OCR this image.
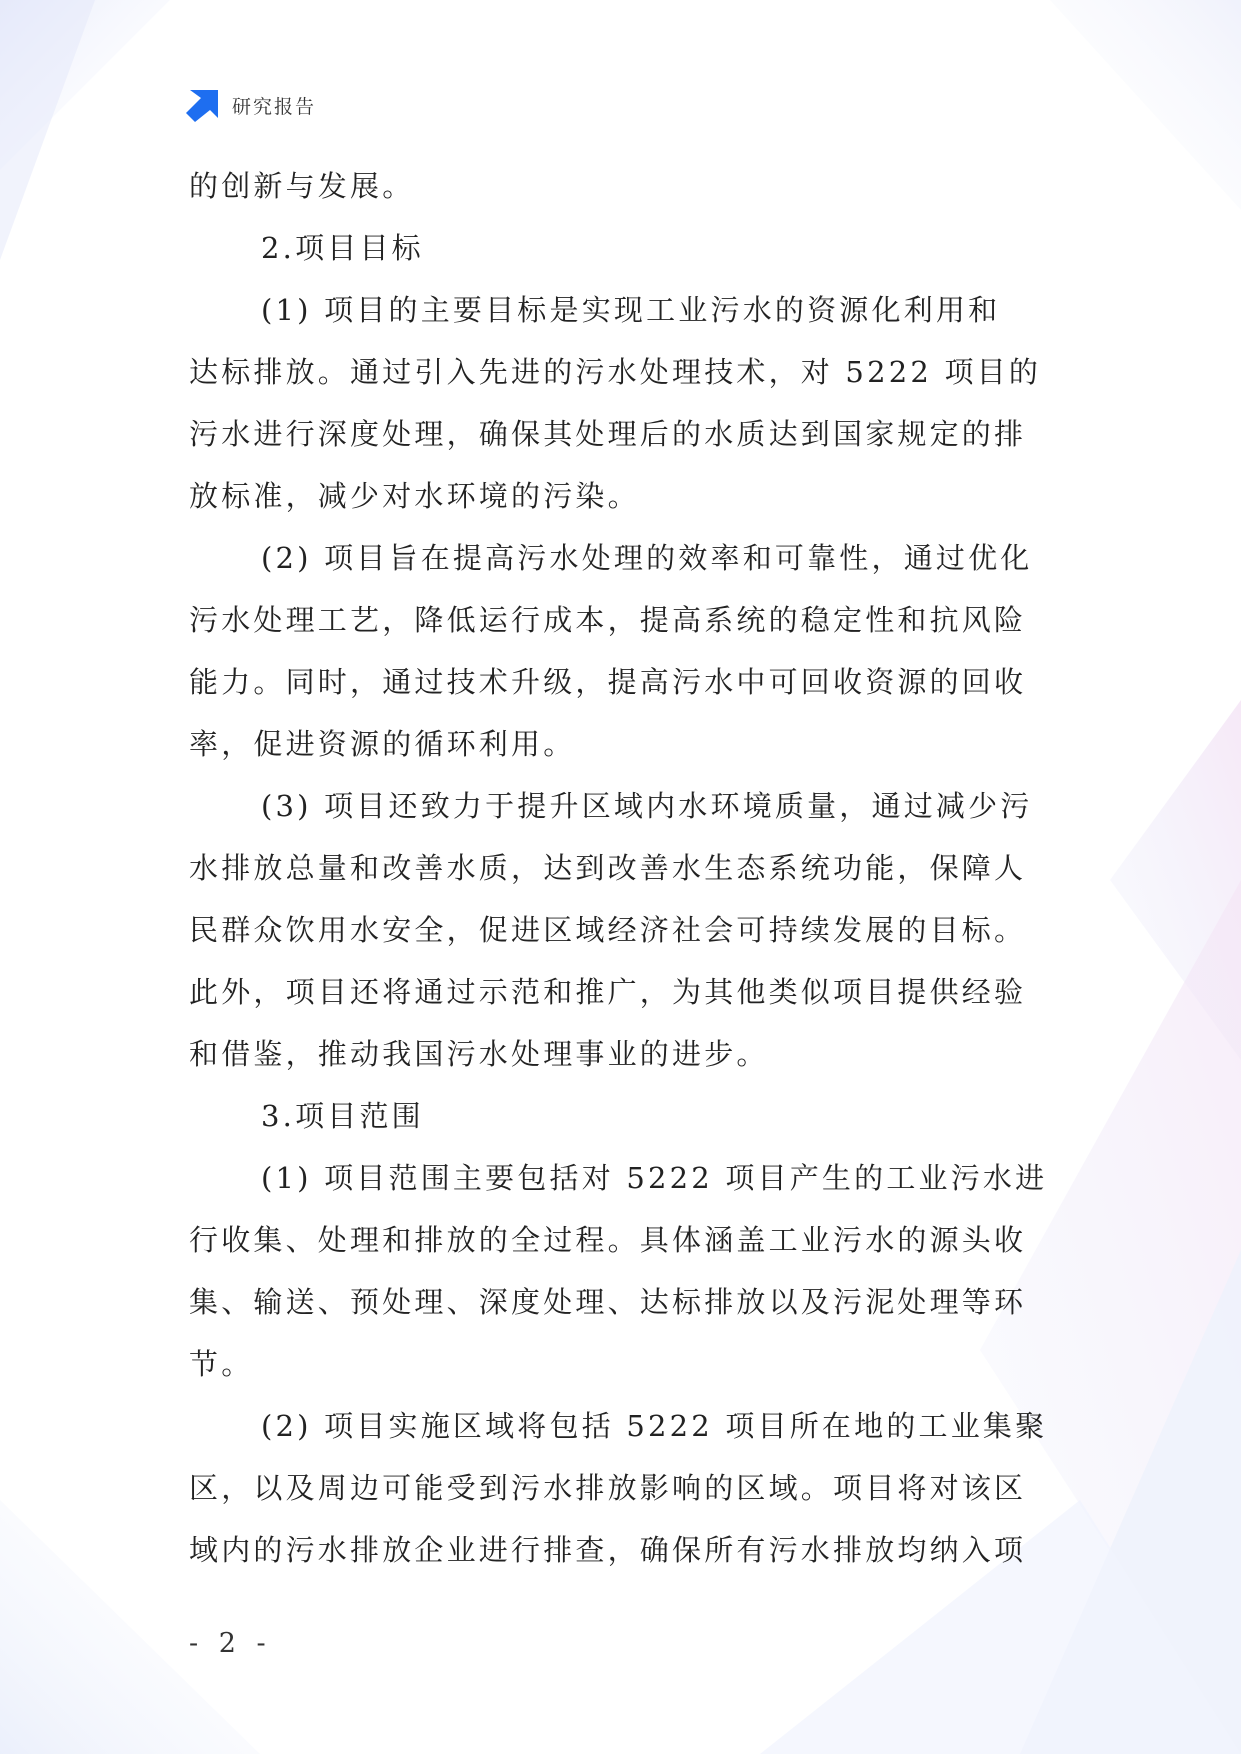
研究报告
的创新与发展。
2.项目目标
(1) 项目的主要目标是实现工业污水的资源化利用和
达标排放。通过引入先进的污水处理技术，对 5222 项目的
污水进行深度处理，确保其处理后的水质达到国家规定的排
放标准，减少对水环境的污染。
(2) 项目旨在提高污水处理的效率和可靠性，通过优化
污水处理工艺，降低运行成本，提高系统的稳定性和抗风险
能力。同时，通过技术升级，提高污水中可回收资源的回收
率，促进资源的循环利用。
(3) 项目还致力于提升区域内水环境质量，通过减少污
水排放总量和改善水质，达到改善水生态系统功能，保障人
民群众饮用水安全，促进区域经济社会可持续发展的目标。
此外，项目还将通过示范和推广，为其他类似项目提供经验
和借鉴，推动我国污水处理事业的进步。
3.项目范围
(1) 项目范围主要包括对 5222 项目产生的工业污水进
行收集、处理和排放的全过程。具体涵盖工业污水的源头收
集、输送、预处理、深度处理、达标排放以及污泥处理等环
节。
(2) 项目实施区域将包括 5222 项目所在地的工业集聚
区，以及周边可能受到污水排放影响的区域。项目将对该区
域内的污水排放企业进行排查，确保所有污水排放均纳入项
- 2 -
